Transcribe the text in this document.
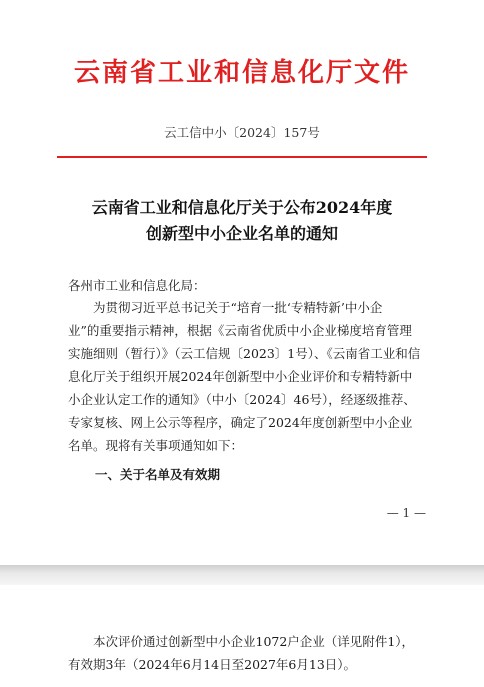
云南省工业和信息化厅文件
云工信中小〔2024〕157号
云南省工业和信息化厅关于公布2024年度
创新型中小企业名单的通知
各州市工业和信息化局：
　　为贯彻习近平总书记关于“培育一批‘专精特新’中小企
业”的重要指示精神，根据《云南省优质中小企业梯度培育管理
实施细则（暂行）》（云工信规〔2023〕1号）、《云南省工业和信
息化厅关于组织开展2024年创新型中小企业评价和专精特新中
小企业认定工作的通知》（中小〔2024〕46号），经逐级推荐、
专家复核、网上公示等程序，确定了2024年度创新型中小企业
名单。现将有关事项通知如下：
一、关于名单及有效期
— 1 —
　　本次评价通过创新型中小企业1072户企业（详见附件1），
有效期3年（2024年6月14日至2027年6月13日）。
